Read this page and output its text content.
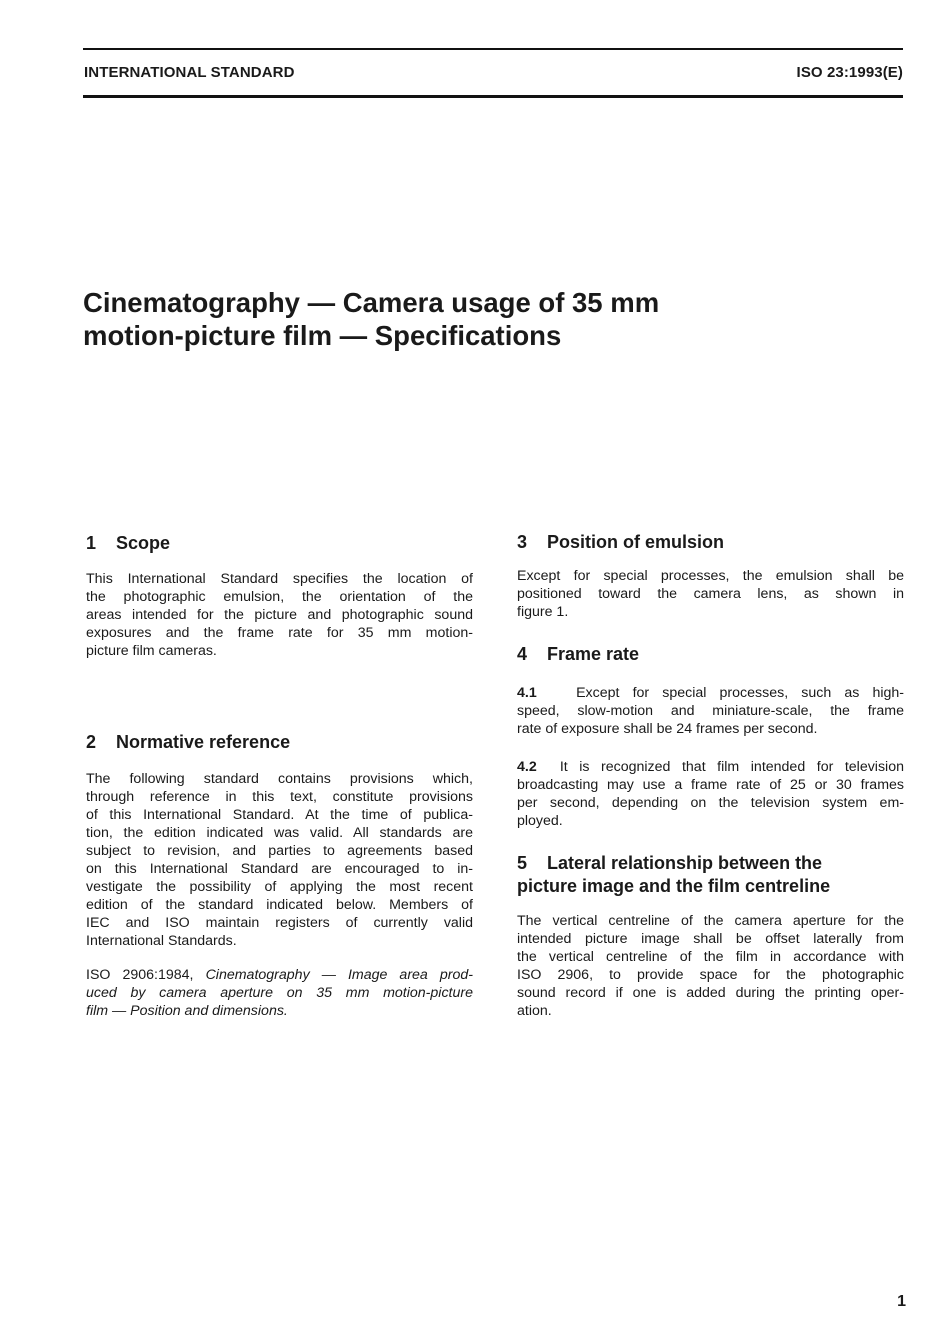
INTERNATIONAL STANDARD	ISO 23:1993(E)
Cinematography — Camera usage of 35 mm
motion-picture film — Specifications
1 Scope
This International Standard specifies the location of
the photographic emulsion, the orientation of the
areas intended for the picture and photographic sound
exposures and the frame rate for 35 mm motion-
picture film cameras.
2 Normative reference
The following standard contains provisions which,
through reference in this text, constitute provisions
of this International Standard. At the time of publica-
tion, the edition indicated was valid. All standards are
subject to revision, and parties to agreements based
on this International Standard are encouraged to in-
vestigate the possibility of applying the most recent
edition of the standard indicated below. Members of
IEC and ISO maintain registers of currently valid
International Standards.
ISO 2906:1984, Cinematography — Image area prod-
uced by camera aperture on 35 mm motion-picture
film — Position and dimensions.
3 Position of emulsion
Except for special processes, the emulsion shall be
positioned toward the camera lens, as shown in
figure 1.
4 Frame rate
4.1	Except for special processes, such as high-
speed, slow-motion and miniature-scale, the frame
rate of exposure shall be 24 frames per second.
4.2 It is recognized that film intended for television
broadcasting may use a frame rate of 25 or 30 frames
per second, depending on the television system em-
ployed.
5 Lateral relationship between the
picture image and the film centreline
The vertical centreline of the camera aperture for the
intended picture image shall be offset laterally from
the vertical centreline of the film in accordance with
ISO 2906, to provide space for the photographic
sound record if one is added during the printing oper-
ation.
1
